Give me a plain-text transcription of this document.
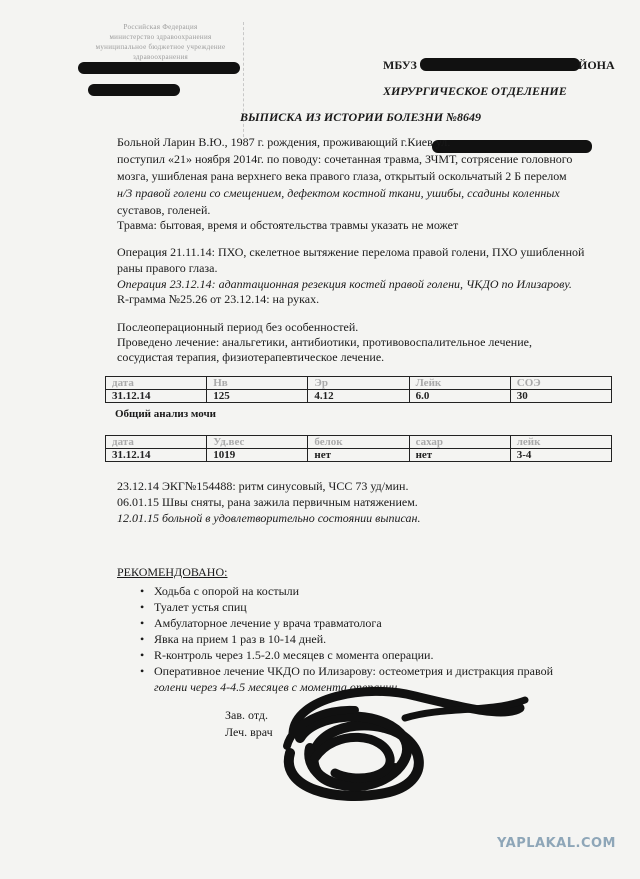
Российская Федерация
министерство здравоохранения
муниципальное бюджетное учреждение
здравоохранения
МБУЗ	ЙОНА
ХИРУРГИЧЕСКОЕ ОТДЕЛЕНИЕ
ВЫПИСКА ИЗ ИСТОРИИ БОЛЕЗНИ №8649
Больной Ларин В.Ю., 1987 г. рождения, проживающий г.Киев ул.
поступил «21» ноября 2014г. по поводу: сочетанная травма, ЗЧМТ, сотрясение головного
мозга, ушибленая рана верхнего века правого глаза, открытый оскольчатый 2 Б перелом
н/3 правой голени со смещением, дефектом костной ткани, ушибы, ссадины коленных
суставов, голеней.
Травма: бытовая, время и обстоятельства травмы указать не может
Операция 21.11.14: ПХО, скелетное вытяжение перелома правой голени, ПХО ушибленной
раны правого глаза.
Операция 23.12.14: адаптационная резекция костей правой голени, ЧКДО по Илизарову.
R-грамма №25.26 от 23.12.14: на руках.
Послеоперационный период без особенностей.
Проведено лечение: анальгетики, антибиотики, противовоспалительное лечение,
сосудистая терапия, физиотерапевтическое лечение.
дата	Нв	Эр	Лейк	СОЭ
31.12.14	125	4.12	6.0	30
Общий анализ мочи
дата	Уд.вес	белок	сахар	лейк
31.12.14	1019	нет	нет	3-4
23.12.14 ЭКГ№154488: ритм синусовый, ЧСС 73 уд/мин.
06.01.15 Швы сняты, рана зажила первичным натяжением.
12.01.15 больной в удовлетворительно состоянии выписан.
РЕКОМЕНДОВАНО:
• Ходьба с опорой на костыли
• Туалет устья спиц
• Амбулаторное лечение у врача травматолога
• Явка на прием 1 раз в 10-14 дней.
• R-контроль через 1.5-2.0 месяцев с момента операции.
• Оперативное лечение ЧКДО по Илизарову: остеометрия и дистракция правой
голени через 4-4.5 месяцев с момента операции
Зав. отд.
Леч. врач
YAPLAKAL.COM
